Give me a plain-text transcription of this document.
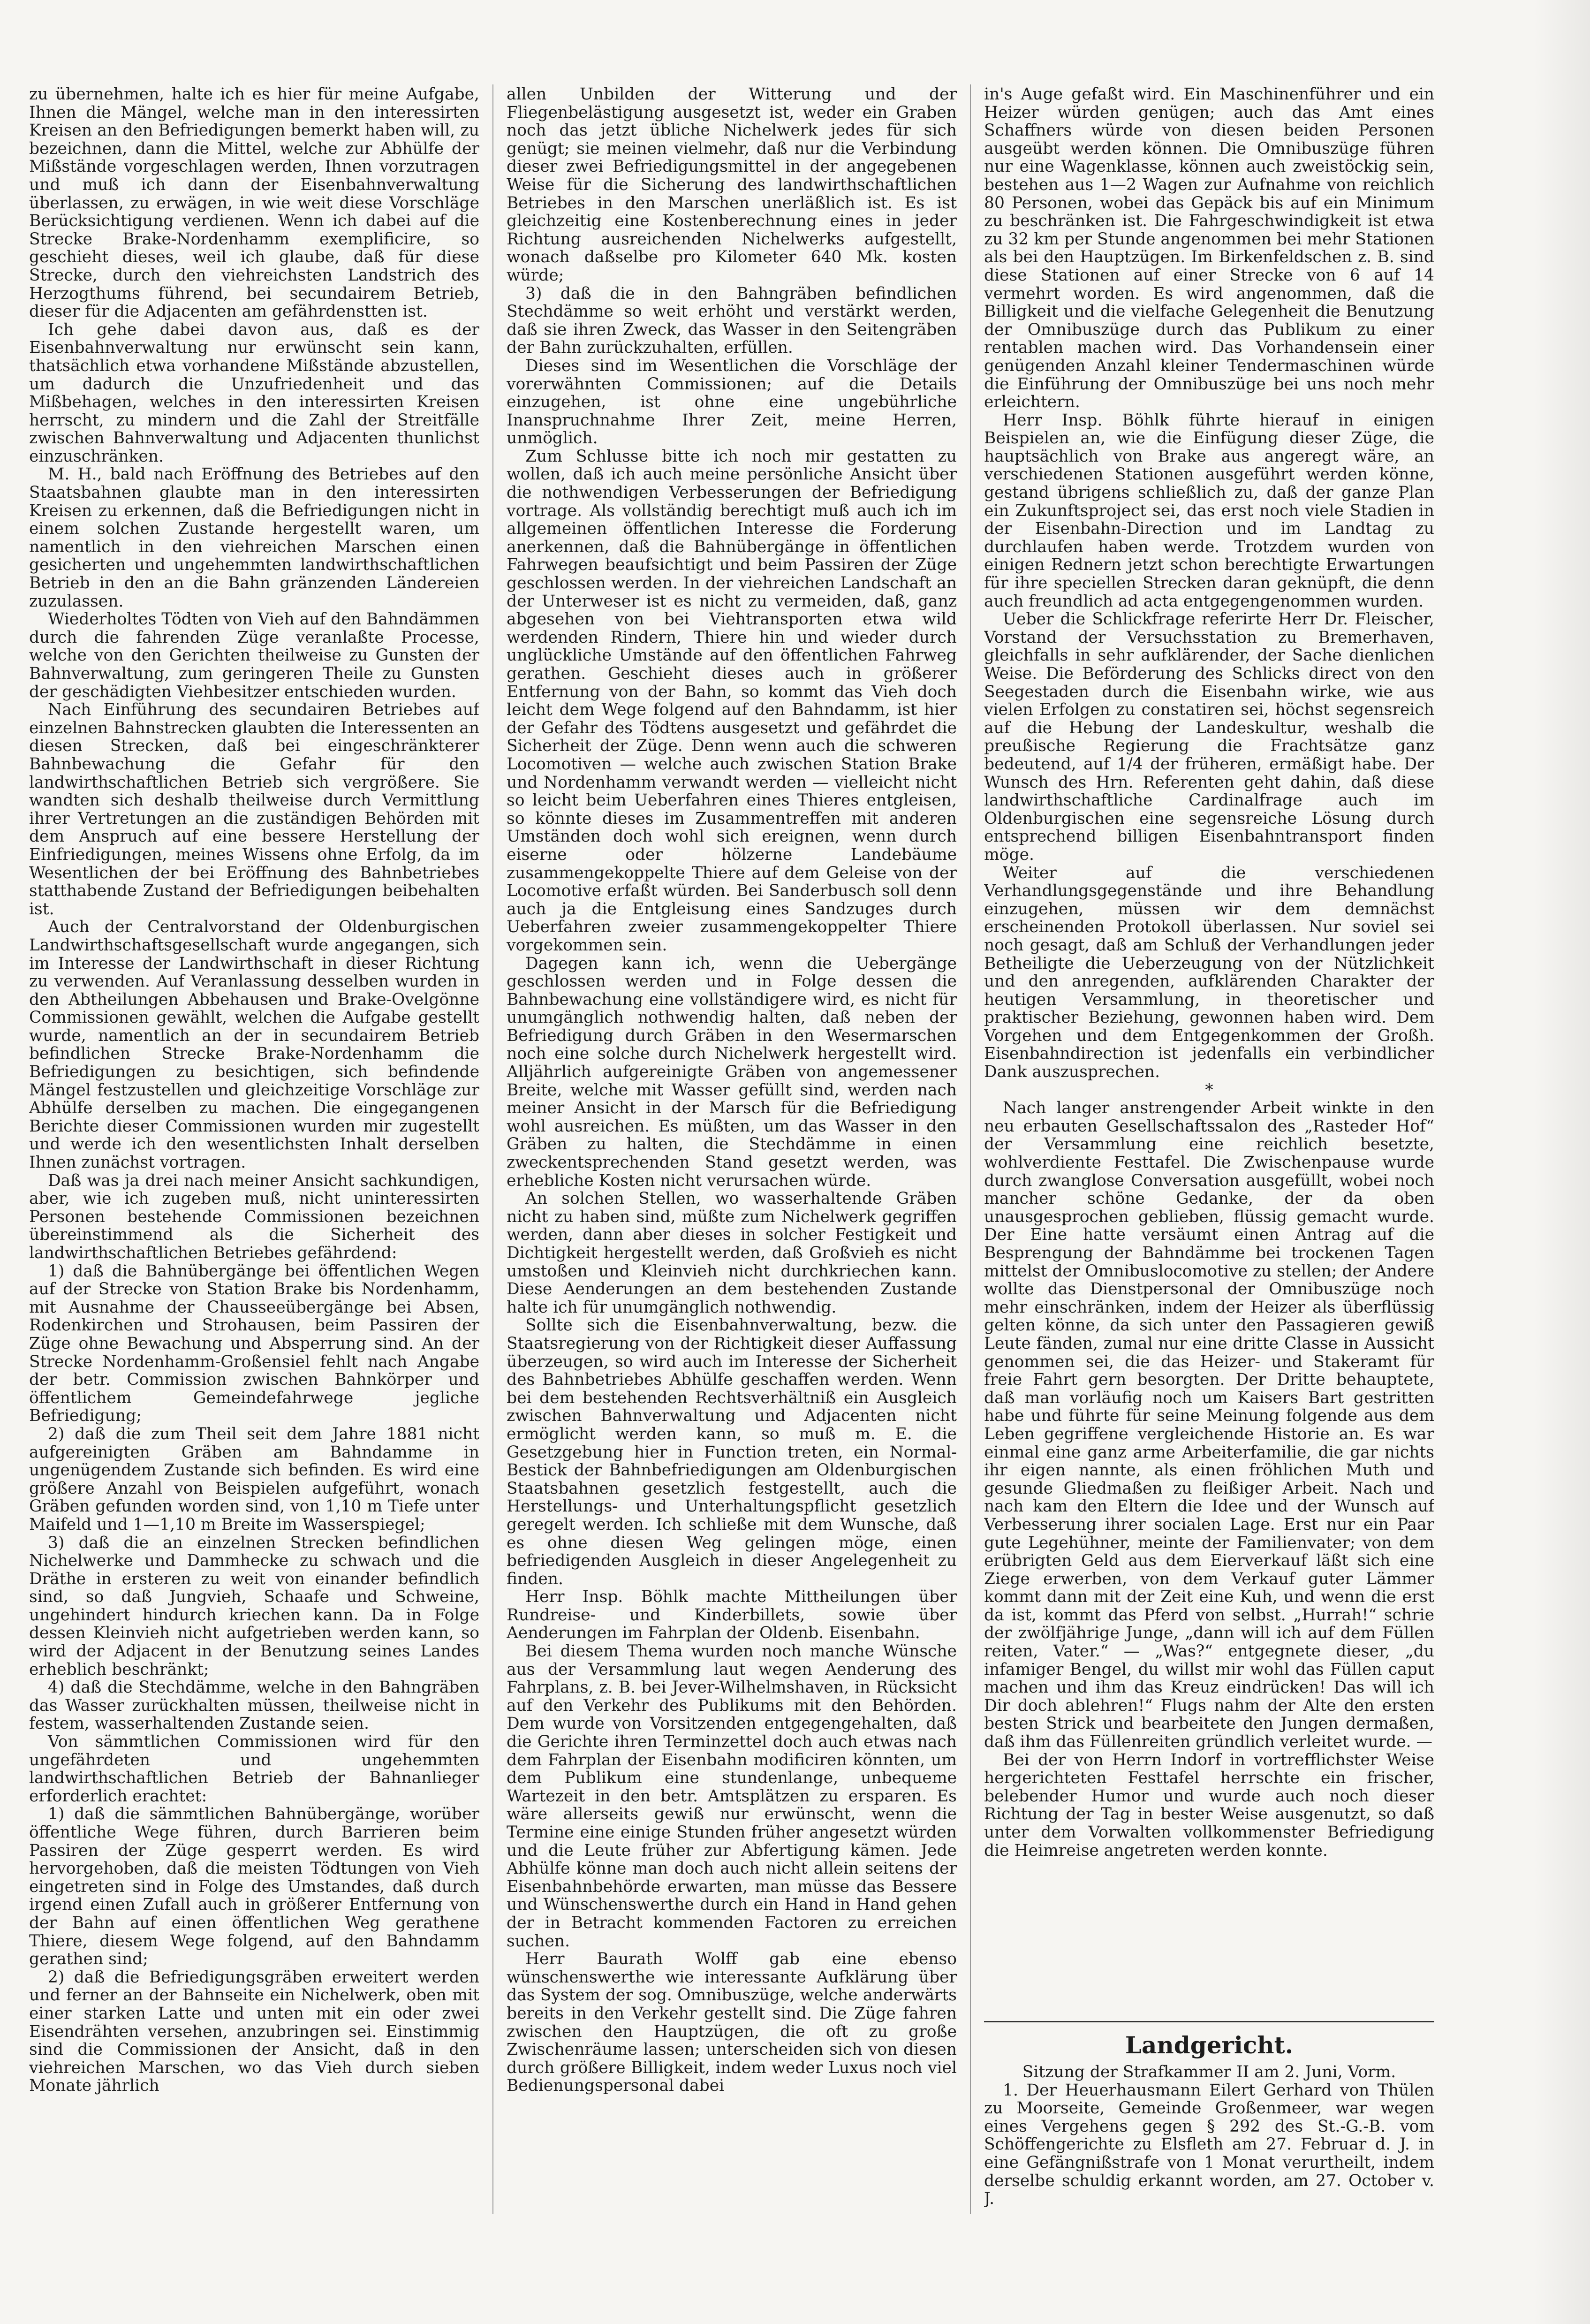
zu übernehmen, halte ich es hier für meine Aufgabe, Ihnen die Mängel, welche man in den interessirten Kreisen an den Befriedigungen bemerkt haben will, zu bezeichnen, dann die Mittel, welche zur Abhülfe der Mißstände vorgeschlagen werden, Ihnen vorzutragen und muß ich dann der Eisenbahnverwaltung überlassen, zu erwägen, in wie weit diese Vorschläge Berücksichtigung verdienen. Wenn ich dabei auf die Strecke Brake-Nordenhamm exemplificire, so geschieht dieses, weil ich glaube, daß für diese Strecke, durch den viehreichsten Landstrich des Herzogthums führend, bei secundairem Betrieb, dieser für die Adjacenten am gefährdenstten ist.

Ich gehe dabei davon aus, daß es der Eisenbahnverwaltung nur erwünscht sein kann, thatsächlich etwa vorhandene Mißstände abzustellen, um dadurch die Unzufriedenheit und das Mißbehagen, welches in den interessirten Kreisen herrscht, zu mindern und die Zahl der Streitfälle zwischen Bahnverwaltung und Adjacenten thunlichst einzuschränken.

M. H., bald nach Eröffnung des Betriebes auf den Staatsbahnen glaubte man in den interessirten Kreisen zu erkennen, daß die Befriedigungen nicht in einem solchen Zustande hergestellt waren, um namentlich in den viehreichen Marschen einen gesicherten und ungehemmten landwirthschaftlichen Betrieb in den an die Bahn gränzenden Ländereien zuzulassen.

Wiederholtes Tödten von Vieh auf den Bahndämmen durch die fahrenden Züge veranlaßte Processe, welche von den Gerichten theilweise zu Gunsten der Bahnverwaltung, zum geringeren Theile zu Gunsten der geschädigten Viehbesitzer entschieden wurden.

Nach Einführung des secundairen Betriebes auf einzelnen Bahnstrecken glaubten die Interessenten an diesen Strecken, daß bei eingeschränkterer Bahnbewachung die Gefahr für den landwirthschaftlichen Betrieb sich vergrößere. Sie wandten sich deshalb theilweise durch Vermittlung ihrer Vertretungen an die zuständigen Behörden mit dem Anspruch auf eine bessere Herstellung der Einfriedigungen, meines Wissens ohne Erfolg, da im Wesentlichen der bei Eröffnung des Bahnbetriebes statthabende Zustand der Befriedigungen beibehalten ist.

Auch der Centralvorstand der Oldenburgischen Landwirthschaftsgesellschaft wurde angegangen, sich im Interesse der Landwirthschaft in dieser Richtung zu verwenden. Auf Veranlassung desselben wurden in den Abtheilungen Abbehausen und Brake-Ovelgönne Commissionen gewählt, welchen die Aufgabe gestellt wurde, namentlich an der in secundairem Betrieb befindlichen Strecke Brake-Nordenhamm die Befriedigungen zu besichtigen, sich befindende Mängel festzustellen und gleichzeitige Vorschläge zur Abhülfe derselben zu machen. Die eingegangenen Berichte dieser Commissionen wurden mir zugestellt und werde ich den wesentlichsten Inhalt derselben Ihnen zunächst vortragen.

Daß was ja drei nach meiner Ansicht sachkundigen, aber, wie ich zugeben muß, nicht uninteressirten Personen bestehende Commissionen bezeichnen übereinstimmend als die Sicherheit des landwirthschaftlichen Betriebes gefährdend:

1) daß die Bahnübergänge bei öffentlichen Wegen auf der Strecke von Station Brake bis Nordenhamm, mit Ausnahme der Chausseeübergänge bei Absen, Rodenkirchen und Strohausen, beim Passiren der Züge ohne Bewachung und Absperrung sind. An der Strecke Nordenhamm-Großensiel fehlt nach Angabe der betr. Commission zwischen Bahnkörper und öffentlichem Gemeindefahrwege jegliche Befriedigung;

2) daß die zum Theil seit dem Jahre 1881 nicht aufgereinigten Gräben am Bahndamme in ungenügendem Zustande sich befinden. Es wird eine größere Anzahl von Beispielen aufgeführt, wonach Gräben gefunden worden sind, von 1,10 m Tiefe unter Maifeld und 1—1,10 m Breite im Wasserspiegel;

3) daß die an einzelnen Strecken befindlichen Nichelwerke und Dammhecke zu schwach und die Dräthe in ersteren zu weit von einander befindlich sind, so daß Jungvieh, Schaafe und Schweine, ungehindert hindurch kriechen kann. Da in Folge dessen Kleinvieh nicht aufgetrieben werden kann, so wird der Adjacent in der Benutzung seines Landes erheblich beschränkt;

4) daß die Stechdämme, welche in den Bahngräben das Wasser zurückhalten müssen, theilweise nicht in festem, wasserhaltenden Zustande seien.

Von sämmtlichen Commissionen wird für den ungefährdeten und ungehemmten landwirthschaftlichen Betrieb der Bahnanlieger erforderlich erachtet:

1) daß die sämmtlichen Bahnübergänge, worüber öffentliche Wege führen, durch Barrieren beim Passiren der Züge gesperrt werden. Es wird hervorgehoben, daß die meisten Tödtungen von Vieh eingetreten sind in Folge des Umstandes, daß durch irgend einen Zufall auch in größerer Entfernung von der Bahn auf einen öffentlichen Weg gerathene Thiere, diesem Wege folgend, auf den Bahndamm gerathen sind;

2) daß die Befriedigungsgräben erweitert werden und ferner an der Bahnseite ein Nichelwerk, oben mit einer starken Latte und unten mit ein oder zwei Eisendrähten versehen, anzubringen sei. Einstimmig sind die Commissionen der Ansicht, daß in den viehreichen Marschen, wo das Vieh durch sieben Monate jährlich

allen Unbilden der Witterung und der Fliegenbelästigung ausgesetzt ist, weder ein Graben noch das jetzt übliche Nichelwerk jedes für sich genügt; sie meinen vielmehr, daß nur die Verbindung dieser zwei Befriedigungsmittel in der angegebenen Weise für die Sicherung des landwirthschaftlichen Betriebes in den Marschen unerläßlich ist. Es ist gleichzeitig eine Kostenberechnung eines in jeder Richtung ausreichenden Nichelwerks aufgestellt, wonach daßselbe pro Kilometer 640 Mk. kosten würde;

3) daß die in den Bahngräben befindlichen Stechdämme so weit erhöht und verstärkt werden, daß sie ihren Zweck, das Wasser in den Seitengräben der Bahn zurückzuhalten, erfüllen.

Dieses sind im Wesentlichen die Vorschläge der vorerwähnten Commissionen; auf die Details einzugehen, ist ohne eine ungebührliche Inanspruchnahme Ihrer Zeit, meine Herren, unmöglich.

Zum Schlusse bitte ich noch mir gestatten zu wollen, daß ich auch meine persönliche Ansicht über die nothwendigen Verbesserungen der Befriedigung vortrage. Als vollständig berechtigt muß auch ich im allgemeinen öffentlichen Interesse die Forderung anerkennen, daß die Bahnübergänge in öffentlichen Fahrwegen beaufsichtigt und beim Passiren der Züge geschlossen werden. In der viehreichen Landschaft an der Unterweser ist es nicht zu vermeiden, daß, ganz abgesehen von bei Viehtransporten etwa wild werdenden Rindern, Thiere hin und wieder durch unglückliche Umstände auf den öffentlichen Fahrweg gerathen. Geschieht dieses auch in größerer Entfernung von der Bahn, so kommt das Vieh doch leicht dem Wege folgend auf den Bahndamm, ist hier der Gefahr des Tödtens ausgesetzt und gefährdet die Sicherheit der Züge. Denn wenn auch die schweren Locomotiven — welche auch zwischen Station Brake und Nordenhamm verwandt werden — vielleicht nicht so leicht beim Ueberfahren eines Thieres entgleisen, so könnte dieses im Zusammentreffen mit anderen Umständen doch wohl sich ereignen, wenn durch eiserne oder hölzerne Landebäume zusammengekoppelte Thiere auf dem Geleise von der Locomotive erfaßt würden. Bei Sanderbusch soll denn auch ja die Entgleisung eines Sandzuges durch Ueberfahren zweier zusammengekoppelter Thiere vorgekommen sein.

Dagegen kann ich, wenn die Uebergänge geschlossen werden und in Folge dessen die Bahnbewachung eine vollständigere wird, es nicht für unumgänglich nothwendig halten, daß neben der Befriedigung durch Gräben in den Wesermarschen noch eine solche durch Nichelwerk hergestellt wird. Alljährlich aufgereinigte Gräben von angemessener Breite, welche mit Wasser gefüllt sind, werden nach meiner Ansicht in der Marsch für die Befriedigung wohl ausreichen. Es müßten, um das Wasser in den Gräben zu halten, die Stechdämme in einen zweckentsprechenden Stand gesetzt werden, was erhebliche Kosten nicht verursachen würde.

An solchen Stellen, wo wasserhaltende Gräben nicht zu haben sind, müßte zum Nichelwerk gegriffen werden, dann aber dieses in solcher Festigkeit und Dichtigkeit hergestellt werden, daß Großvieh es nicht umstoßen und Kleinvieh nicht durchkriechen kann. Diese Aenderungen an dem bestehenden Zustande halte ich für unumgänglich nothwendig.

Sollte sich die Eisenbahnverwaltung, bezw. die Staatsregierung von der Richtigkeit dieser Auffassung überzeugen, so wird auch im Interesse der Sicherheit des Bahnbetriebes Abhülfe geschaffen werden. Wenn bei dem bestehenden Rechtsverhältniß ein Ausgleich zwischen Bahnverwaltung und Adjacenten nicht ermöglicht werden kann, so muß m. E. die Gesetzgebung hier in Function treten, ein Normal-Bestick der Bahnbefriedigungen am Oldenburgischen Staatsbahnen gesetzlich festgestellt, auch die Herstellungs- und Unterhaltungspflicht gesetzlich geregelt werden. Ich schließe mit dem Wunsche, daß es ohne diesen Weg gelingen möge, einen befriedigenden Ausgleich in dieser Angelegenheit zu finden.

Herr Insp. Böhlk machte Mittheilungen über Rundreise- und Kinderbillets, sowie über Aenderungen im Fahrplan der Oldenb. Eisenbahn.

Bei diesem Thema wurden noch manche Wünsche aus der Versammlung laut wegen Aenderung des Fahrplans, z. B. bei Jever-Wilhelmshaven, in Rücksicht auf den Verkehr des Publikums mit den Behörden. Dem wurde von Vorsitzenden entgegengehalten, daß die Gerichte ihren Terminzettel doch auch etwas nach dem Fahrplan der Eisenbahn modificiren könnten, um dem Publikum eine stundenlange, unbequeme Wartezeit in den betr. Amtsplätzen zu ersparen. Es wäre allerseits gewiß nur erwünscht, wenn die Termine eine einige Stunden früher angesetzt würden und die Leute früher zur Abfertigung kämen. Jede Abhülfe könne man doch auch nicht allein seitens der Eisenbahnbehörde erwarten, man müsse das Bessere und Wünschenswerthe durch ein Hand in Hand gehen der in Betracht kommenden Factoren zu erreichen suchen.

Herr Baurath Wolff gab eine ebenso wünschenswerthe wie interessante Aufklärung über das System der sog. Omnibuszüge, welche anderwärts bereits in den Verkehr gestellt sind. Die Züge fahren zwischen den Hauptzügen, die oft zu große Zwischenräume lassen; unterscheiden sich von diesen durch größere Billigkeit, indem weder Luxus noch viel Bedienungspersonal dabei

in's Auge gefaßt wird. Ein Maschinenführer und ein Heizer würden genügen; auch das Amt eines Schaffners würde von diesen beiden Personen ausgeübt werden können. Die Omnibuszüge führen nur eine Wagenklasse, können auch zweistöckig sein, bestehen aus 1—2 Wagen zur Aufnahme von reichlich 80 Personen, wobei das Gepäck bis auf ein Minimum zu beschränken ist. Die Fahrgeschwindigkeit ist etwa zu 32 km per Stunde angenommen bei mehr Stationen als bei den Hauptzügen. Im Birkenfeldschen z. B. sind diese Stationen auf einer Strecke von 6 auf 14 vermehrt worden. Es wird angenommen, daß die Billigkeit und die vielfache Gelegenheit die Benutzung der Omnibuszüge durch das Publikum zu einer rentablen machen wird. Das Vorhandensein einer genügenden Anzahl kleiner Tendermaschinen würde die Einführung der Omnibuszüge bei uns noch mehr erleichtern.

Herr Insp. Böhlk führte hierauf in einigen Beispielen an, wie die Einfügung dieser Züge, die hauptsächlich von Brake aus angeregt wäre, an verschiedenen Stationen ausgeführt werden könne, gestand übrigens schließlich zu, daß der ganze Plan ein Zukunftsproject sei, das erst noch viele Stadien in der Eisenbahn-Direction und im Landtag zu durchlaufen haben werde. Trotzdem wurden von einigen Rednern jetzt schon berechtigte Erwartungen für ihre speciellen Strecken daran geknüpft, die denn auch freundlich ad acta entgegengenommen wurden.

Ueber die Schlickfrage referirte Herr Dr. Fleischer, Vorstand der Versuchsstation zu Bremerhaven, gleichfalls in sehr aufklärender, der Sache dienlichen Weise. Die Beförderung des Schlicks direct von den Seegestaden durch die Eisenbahn wirke, wie aus vielen Erfolgen zu constatiren sei, höchst segensreich auf die Hebung der Landeskultur, weshalb die preußische Regierung die Frachtsätze ganz bedeutend, auf 1/4 der früheren, ermäßigt habe. Der Wunsch des Hrn. Referenten geht dahin, daß diese landwirthschaftliche Cardinalfrage auch im Oldenburgischen eine segensreiche Lösung durch entsprechend billigen Eisenbahntransport finden möge.

Weiter auf die verschiedenen Verhandlungsgegenstände und ihre Behandlung einzugehen, müssen wir dem demnächst erscheinenden Protokoll überlassen. Nur soviel sei noch gesagt, daß am Schluß der Verhandlungen jeder Betheiligte die Ueberzeugung von der Nützlichkeit und den anregenden, aufklärenden Charakter der heutigen Versammlung, in theoretischer und praktischer Beziehung, gewonnen haben wird. Dem Vorgehen und dem Entgegenkommen der Großh. Eisenbahndirection ist jedenfalls ein verbindlicher Dank auszusprechen.

*

Nach langer anstrengender Arbeit winkte in den neu erbauten Gesellschaftssalon des „Rasteder Hof“ der Versammlung eine reichlich besetzte, wohlverdiente Festtafel. Die Zwischenpause wurde durch zwanglose Conversation ausgefüllt, wobei noch mancher schöne Gedanke, der da oben unausgesprochen geblieben, flüssig gemacht wurde. Der Eine hatte versäumt einen Antrag auf die Besprengung der Bahndämme bei trockenen Tagen mittelst der Omnibuslocomotive zu stellen; der Andere wollte das Dienstpersonal der Omnibuszüge noch mehr einschränken, indem der Heizer als überflüssig gelten könne, da sich unter den Passagieren gewiß Leute fänden, zumal nur eine dritte Classe in Aussicht genommen sei, die das Heizer- und Stakeramt für freie Fahrt gern besorgten. Der Dritte behauptete, daß man vorläufig noch um Kaisers Bart gestritten habe und führte für seine Meinung folgende aus dem Leben gegriffene vergleichende Historie an. Es war einmal eine ganz arme Arbeiterfamilie, die gar nichts ihr eigen nannte, als einen fröhlichen Muth und gesunde Gliedmaßen zu fleißiger Arbeit. Nach und nach kam den Eltern die Idee und der Wunsch auf Verbesserung ihrer socialen Lage. Erst nur ein Paar gute Legehühner, meinte der Familienvater; von dem erübrigten Geld aus dem Eierverkauf läßt sich eine Ziege erwerben, von dem Verkauf guter Lämmer kommt dann mit der Zeit eine Kuh, und wenn die erst da ist, kommt das Pferd von selbst. „Hurrah!“ schrie der zwölfjährige Junge, „dann will ich auf dem Füllen reiten, Vater.“ — „Was?“ entgegnete dieser, „du infamiger Bengel, du willst mir wohl das Füllen caput machen und ihm das Kreuz eindrücken! Das will ich Dir doch ablehren!“ Flugs nahm der Alte den ersten besten Strick und bearbeitete den Jungen dermaßen, daß ihm das Füllenreiten gründlich verleitet wurde. —

Bei der von Herrn Indorf in vortrefflichster Weise hergerichteten Festtafel herrschte ein frischer, belebender Humor und wurde auch noch dieser Richtung der Tag in bester Weise ausgenutzt, so daß unter dem Vorwalten vollkommenster Befriedigung die Heimreise angetreten werden konnte.

Landgericht.

Sitzung der Strafkammer II am 2. Juni, Vorm.

1. Der Heuerhausmann Eilert Gerhard von Thülen zu Moorseite, Gemeinde Großenmeer, war wegen eines Vergehens gegen § 292 des St.-G.-B. vom Schöffengerichte zu Elsfleth am 27. Februar d. J. in eine Gefängnißstrafe von 1 Monat verurtheilt, indem derselbe schuldig erkannt worden, am 27. October v. J.
